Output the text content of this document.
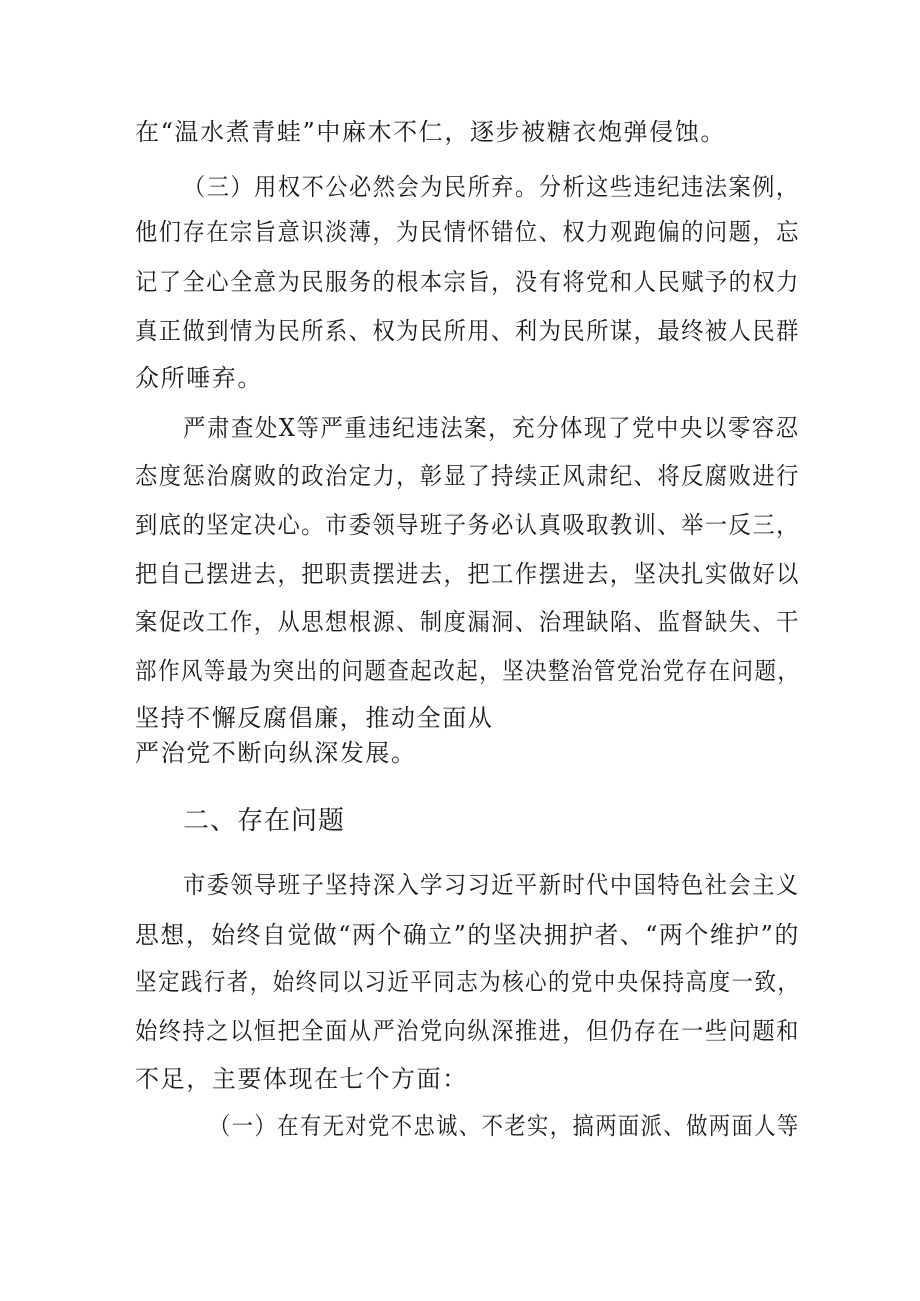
在“温水煮青蛙”中麻木不仁，逐步被糖衣炮弹侵蚀。
（三）用权不公必然会为民所弃。分析这些违纪违法案例，
他们存在宗旨意识淡薄，为民情怀错位、权力观跑偏的问题，忘
记了全心全意为民服务的根本宗旨，没有将党和人民赋予的权力
真正做到情为民所系、权为民所用、利为民所谋，最终被人民群
众所唾弃。
严肃查处X等严重违纪违法案，充分体现了党中央以零容忍
态度惩治腐败的政治定力，彰显了持续正风肃纪、将反腐败进行
到底的坚定决心。市委领导班子务必认真吸取教训、举一反三，
把自己摆进去，把职责摆进去，把工作摆进去，坚决扎实做好以
案促改工作，从思想根源、制度漏洞、治理缺陷、监督缺失、干
部作风等最为突出的问题查起改起，坚决整治管党治党存在问题，
坚持不懈反腐倡廉，推动全面从
严治党不断向纵深发展。
二、存在问题
市委领导班子坚持深入学习习近平新时代中国特色社会主义
思想，始终自觉做“两个确立”的坚决拥护者、“两个维护”的
坚定践行者，始终同以习近平同志为核心的党中央保持高度一致，
始终持之以恒把全面从严治党向纵深推进，但仍存在一些问题和
不足，主要体现在七个方面：
（一）在有无对党不忠诚、不老实，搞两面派、做两面人等
